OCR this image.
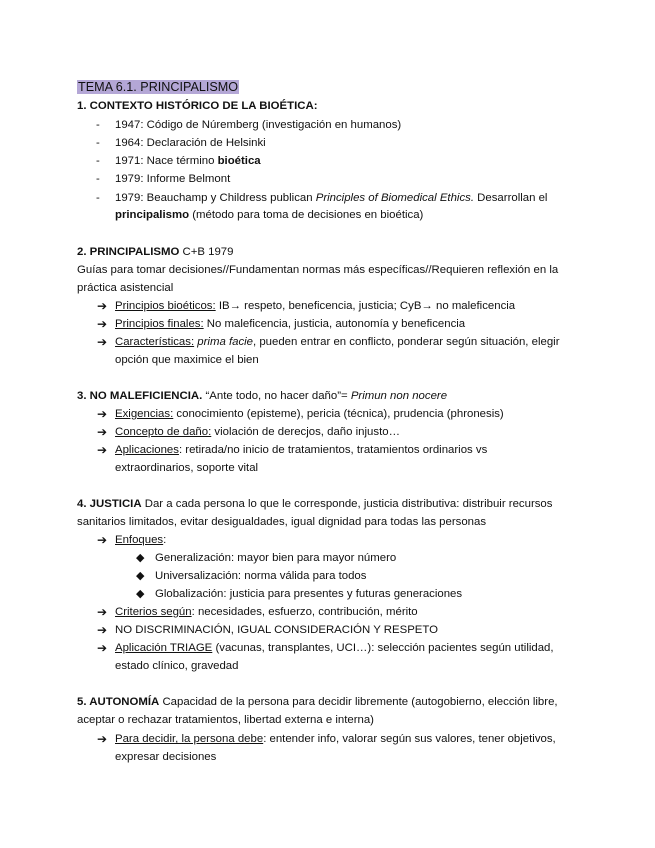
TEMA 6.1. PRINCIPALISMO
1. CONTEXTO HISTÓRICO DE LA BIOÉTICA:
- 1947: Código de Núremberg (investigación en humanos)
- 1964: Declaración de Helsinki
- 1971: Nace término bioética
- 1979: Informe Belmont
- 1979: Beauchamp y Childress publican Principles of Biomedical Ethics. Desarrollan el
principalismo (método para toma de decisiones en bioética)
2. PRINCIPALISMO C+B 1979
Guías para tomar decisiones//Fundamentan normas más específicas//Requieren reflexión en la
práctica asistencial
➔ Principios bioéticos: IB→ respeto, beneficencia, justicia; CyB→ no maleficencia
➔ Principios finales: No maleficencia, justicia, autonomía y beneficencia
➔ Características: prima facie, pueden entrar en conflicto, ponderar según situación, elegir
opción que maximice el bien
3. NO MALEFICIENCIA. “Ante todo, no hacer daño”= Primun non nocere
➔ Exigencias: conocimiento (episteme), pericia (técnica), prudencia (phronesis)
➔ Concepto de daño: violación de derecjos, daño injusto…
➔ Aplicaciones: retirada/no inicio de tratamientos, tratamientos ordinarios vs
extraordinarios, soporte vital
4. JUSTICIA Dar a cada persona lo que le corresponde, justicia distributiva: distribuir recursos
sanitarios limitados, evitar desigualdades, igual dignidad para todas las personas
➔ Enfoques:
◆ Generalización: mayor bien para mayor número
◆ Universalización: norma válida para todos
◆ Globalización: justicia para presentes y futuras generaciones
➔ Criterios según: necesidades, esfuerzo, contribución, mérito
➔ NO DISCRIMINACIÓN, IGUAL CONSIDERACIÓN Y RESPETO
➔ Aplicación TRIAGE (vacunas, transplantes, UCI…): selección pacientes según utilidad,
estado clínico, gravedad
5. AUTONOMÍA Capacidad de la persona para decidir libremente (autogobierno, elección libre,
aceptar o rechazar tratamientos, libertad externa e interna)
➔ Para decidir, la persona debe: entender info, valorar según sus valores, tener objetivos,
expresar decisiones
